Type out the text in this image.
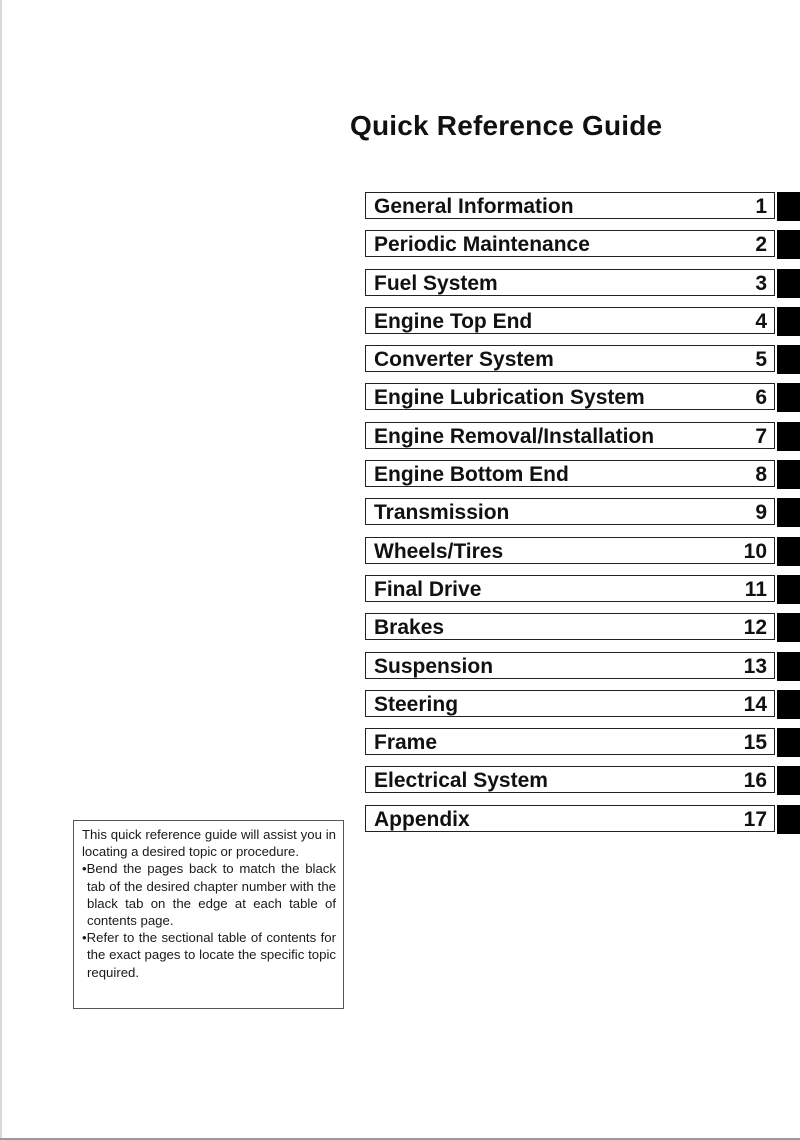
Quick Reference Guide
General Information	1
Periodic Maintenance	2
Fuel System	3
Engine Top End	4
Converter System	5
Engine Lubrication System	6
Engine Removal/Installation	7
Engine Bottom End	8
Transmission	9
Wheels/Tires	10
Final Drive	11
Brakes	12
Suspension	13
Steering	14
Frame	15
Electrical System	16
Appendix	17

This quick reference guide will assist you in locating a desired topic or procedure.

•Bend the pages back to match the black tab of the desired chapter number with the black tab on the edge at each table of contents page.
•Refer to the sectional table of contents for the exact pages to locate the specific topic required.
